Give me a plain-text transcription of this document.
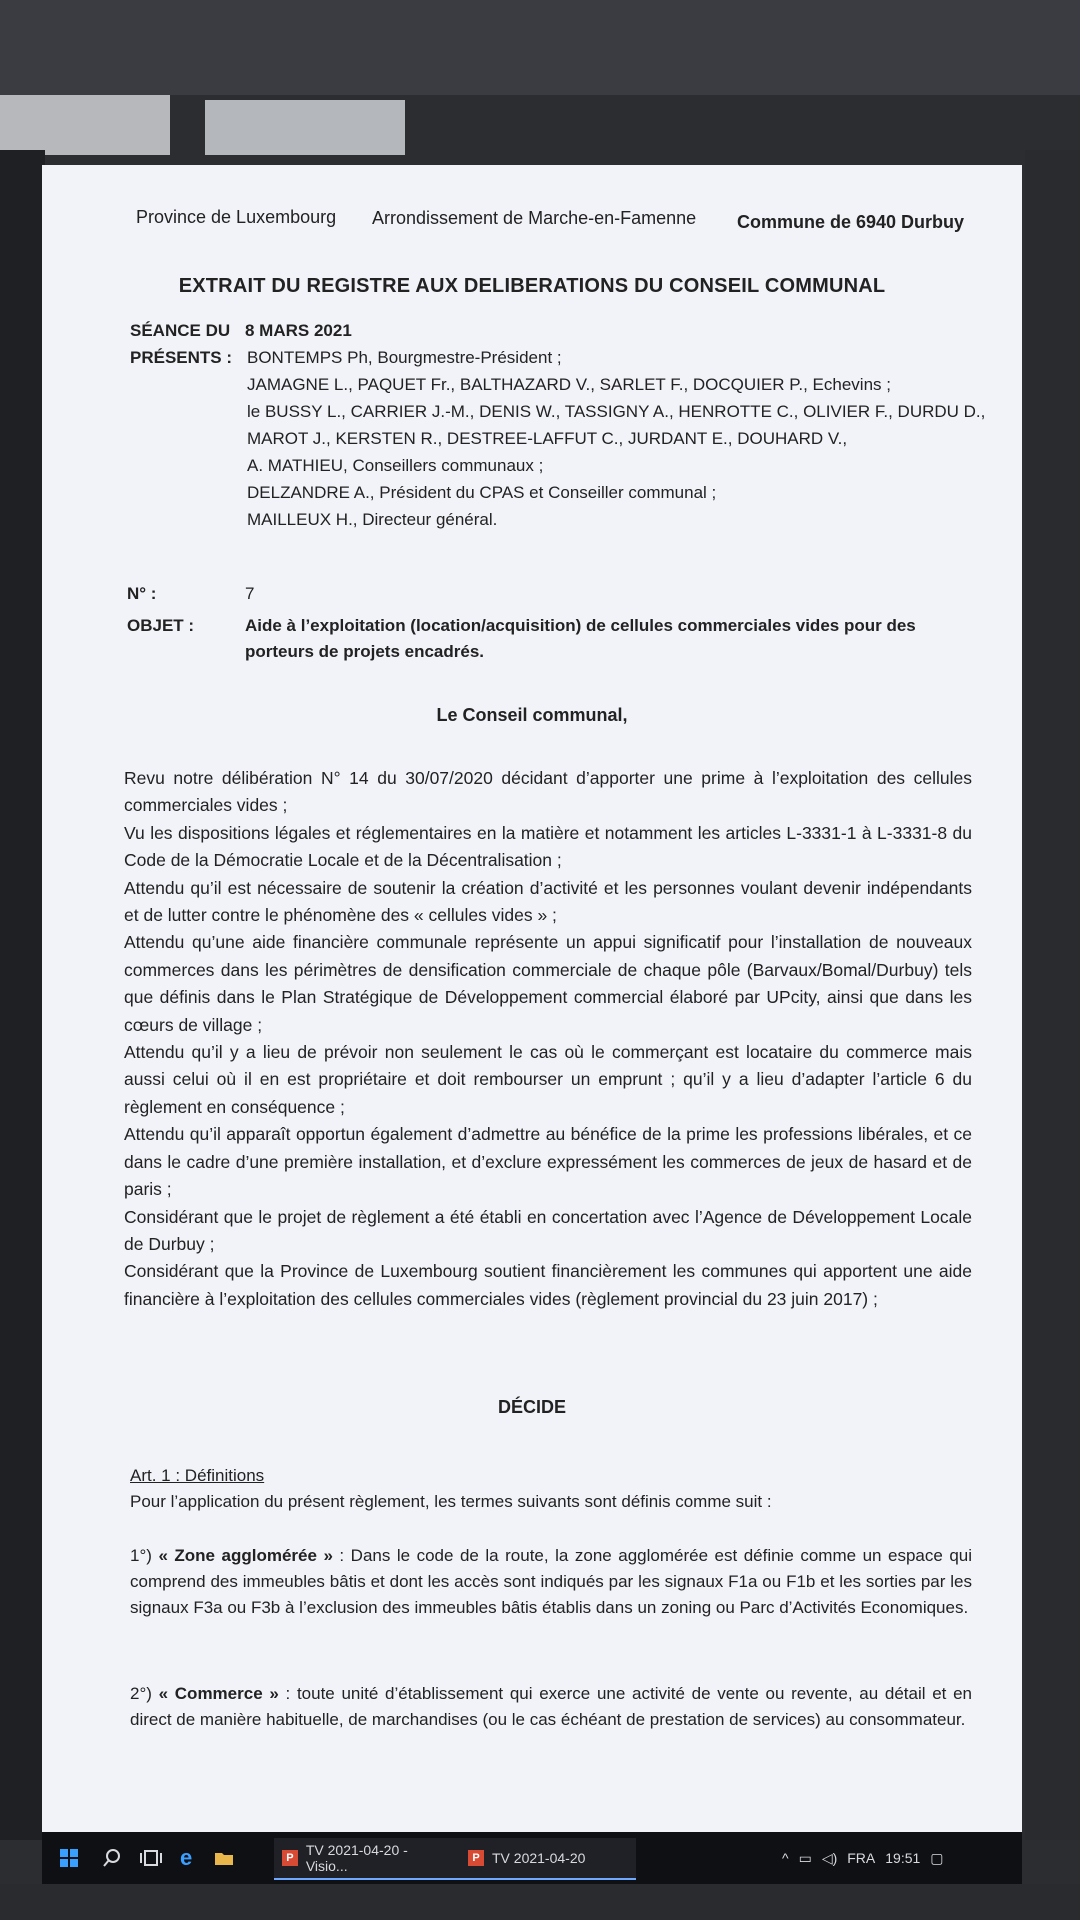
Province de Luxembourg Arrondissement de Marche-en-Famenne Commune de 6940 Durbuy
EXTRAIT DU REGISTRE AUX DELIBERATIONS DU CONSEIL COMMUNAL
SÉANCE DU 8 MARS 2021
PRÉSENTS : BONTEMPS Ph, Bourgmestre-Président ;
JAMAGNE L., PAQUET Fr., BALTHAZARD V., SARLET F., DOCQUIER P., Echevins ;
le BUSSY L., CARRIER J.-M., DENIS W., TASSIGNY A., HENROTTE C., OLIVIER F., DURDU D.,
MAROT J., KERSTEN R., DESTREE-LAFFUT C., JURDANT E., DOUHARD V.,
A. MATHIEU, Conseillers communaux ;
DELZANDRE A., Président du CPAS et Conseiller communal ;
MAILLEUX H., Directeur général.
N° :	7
OBJET :	Aide à l’exploitation (location/acquisition) de cellules commerciales vides pour des porteurs de projets encadrés.
Le Conseil communal,

Revu notre délibération N° 14 du 30/07/2020 décidant d’apporter une prime à l’exploitation des cellules commerciales vides ;

Vu les dispositions légales et réglementaires en la matière et notamment les articles L-3331-1 à L-3331-8 du Code de la Démocratie Locale et de la Décentralisation ;

Attendu qu’il est nécessaire de soutenir la création d’activité et les personnes voulant devenir indépendants et de lutter contre le phénomène des « cellules vides » ;

Attendu qu’une aide financière communale représente un appui significatif pour l’installation de nouveaux commerces dans les périmètres de densification commerciale de chaque pôle (Barvaux/Bomal/Durbuy) tels que définis dans le Plan Stratégique de Développement commercial élaboré par UPcity, ainsi que dans les cœurs de village ;

Attendu qu’il y a lieu de prévoir non seulement le cas où le commerçant est locataire du commerce mais aussi celui où il en est propriétaire et doit rembourser un emprunt ; qu’il y a lieu d’adapter l’article 6 du règlement en conséquence ;

Attendu qu’il apparaît opportun également d’admettre au bénéfice de la prime les professions libérales, et ce dans le cadre d’une première installation, et d’exclure expressément les commerces de jeux de hasard et de paris ;

Considérant que le projet de règlement a été établi en concertation avec l’Agence de Développement Locale de Durbuy ;

Considérant que la Province de Luxembourg soutient financièrement les communes qui apportent une aide financière à l’exploitation des cellules commerciales vides (règlement provincial du 23 juin 2017) ;

DÉCIDE
Art. 1 : Définitions
Pour l’application du présent règlement, les termes suivants sont définis comme suit :
1°) « Zone agglomérée » : Dans le code de la route, la zone agglomérée est définie comme un espace qui comprend des immeubles bâtis et dont les accès sont indiqués par les signaux F1a ou F1b et les sorties par les signaux F3a ou F3b à l’exclusion des immeubles bâtis établis dans un zoning ou Parc d’Activités Economiques.
2°) « Commerce » : toute unité d’établissement qui exerce une activité de vente ou revente, au détail et en direct de manière habituelle, de marchandises (ou le cas échéant de prestation de services) au consommateur.
e	P TV 2021-04-20 - Visio...	P TV 2021-04-20	^ ▭ ◁) FRA 19:51 ▢
